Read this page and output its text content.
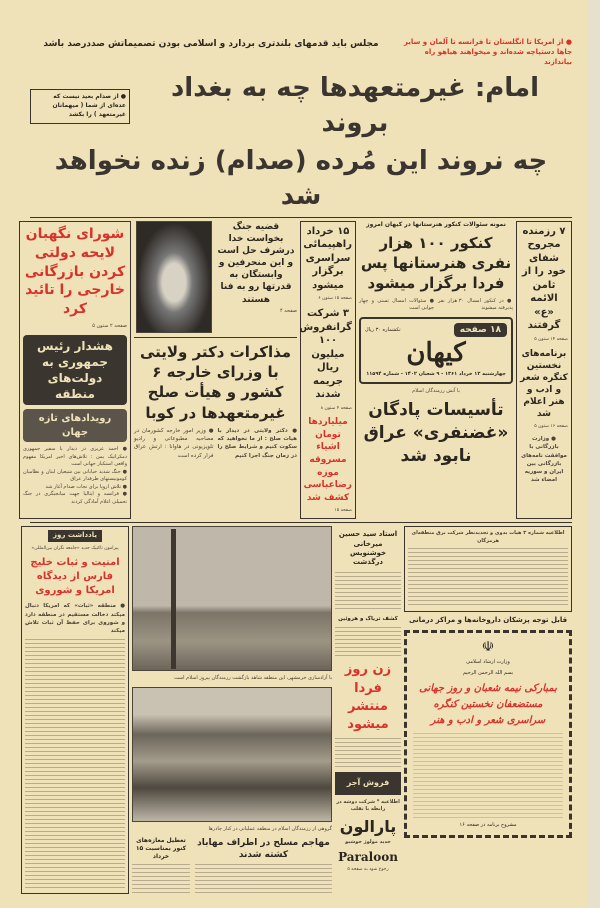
● از امریکا تا انگلستان تا فرانسه تا آلمان و سایر جاها دستپاچه شده‌اند و میخواهند هیاهو راه بیاندازند
مجلس باید قدمهای بلندتری بردارد و اسلامی بودن تصمیماتش صددرصد باشد
امام: غیرمتعهدها چه به بغداد بروند
● از صدام بعید نیست که عده‌ای از شما ( میهمانان غیرمتعهد ) را بکشد
چه نروند این مُرده (صدام) زنده نخواهد شد
۷ رزمنده مجروح شفای خود را از ثامن الائمه «ع» گرفتند
صفحه ۱۴ ستون ۵
برنامه‌های نخستین کنگره شعر و ادب و هنر اعلام شد
صفحه ۱۶ ستون ۵
● وزارت بازرگانی با موافقت نامه‌های بازرگانی بین ایران و سوریه امضاء شد
نمونه سئوالات کنکور هنرستانها در کیهان امروز
کنکور ۱۰۰ هزار نفری هنرستانها پس فردا برگزار میشود
● در کنکور امسال ۳۰ هزار نفر پذیرفته میشوند
● سئوالات امسال تستی و چهار جوابی است
۱۸ صفحه
تکشماره ۳۰ ریال
کیهان
چهارشنبه ۱۲ خرداد ۱۳۶۱ - ۹ شعبان ۱۴۰۲ - شماره ۱۱۵۹۴
با آتش رزمندگان اسلام
تأسیسات پادگان «غضنفری» عراق نابود شد
۱۵ خرداد راهپیمائی سراسری برگزار میشود
صفحه ۱۵ ستون ۶
۳ شرکت گرانفروش ۱۰۰ میلیون ریال جریمه شدند
صفحه ۴ ستون ۸
میلیاردها تومان اشیاء مسروقه موزه رضاعباسی کشف شد
صفحه ۱۵
قضیه جنگ بخواست خدا درشرف حل است و این منحرفین و وابستگان به قدرتها رو به فنا هستند
صفحه ۴
مذاکرات دکتر ولایتی با وزرای خارجه ۶ کشور و هیأت صلح غیرمتعهدها در کوبا
● دکتر ولایتی در دیدار با هیات صلح : از ما نخواهید که سکوت کنیم و شرایط صلح را در زمان جنگ اجرا کنیم
● وزیر امور خارجه کشورمان در مصاحبه مطبوعاتی و رادیو تلویزیونی در هاوانا : ارتش عراق فرار کرده است
شورای نگهبان لایحه دولتی کردن بازرگانی خارجی را تائید کرد
صفحه ۲ ستون ۵
هشدار رئیس جمهوری به دولت‌های منطقه
رویدادهای تازه جهان
● احمد عزیزی در دیدار با سفیر جمهوری دمکراتیک یمن : تلاش‌های اخیر امریکا مفهوم واقعی استکبار جهانی است
● جنگ شدید خیابانی بین شیعیان لبنان و نظامیان کومونیستهای طرفدار عراق
● تلاش اروپا برای نجات صدام آغاز شد
● فرانسه و ایتالیا جهت میانجیگری در جنگ تحمیلی اعلام آمادگی کردند
اطلاعیه شماره ۳ هیات بدوی و تجدیدنظر شرکت برق منطقه‌ای هرمزگان
قابل توجه پزشکان داروخانه‌ها و مراکز درمانی
☫
وزارت ارشاد اسلامی
بسم الله الرحمن الرحیم
بمبارکی نیمه شعبان و روز جهانی مستضعفان نخستین کنگره سراسری شعر و ادب و هنر
مشروح برنامه در صفحه ۱۶
استاد سید حسین میرخانی خوشنویس درگذشت
کشف تریاک و هروئین
زن روز فردا منتشر میشود
فروش آجر
اطلاعیه * شرکت دوشه در رابطه با تقلب
پارالون
جدید مولوژ خوشبو
Paraloon
رجوع شود به صفحه ۵
با آزادسازی خرمشهر، این منطقه شاهد بازگشت رزمندگان پیروز اسلام است
گروهی از رزمندگان اسلام در منطقه عملیاتی در کنار چادرها
مهاجم مسلح در اطراف مهاباد کشته شدند
تعطیل مغازه‌های کنور بمناسبت ۱۵ خرداد
یادداشت روز
پیرامون تاکتیک جدید «جامعه نگران بین‌المللی»
امنیت و ثبات خلیج فارس از دیدگاه امریکا و شوروی
● منطقه «ثبات» که امریکا دنبال میکند دخالت مستقیم در منطقه دارد و شوروی برای حفظ آن ثبات تلاش میکند
